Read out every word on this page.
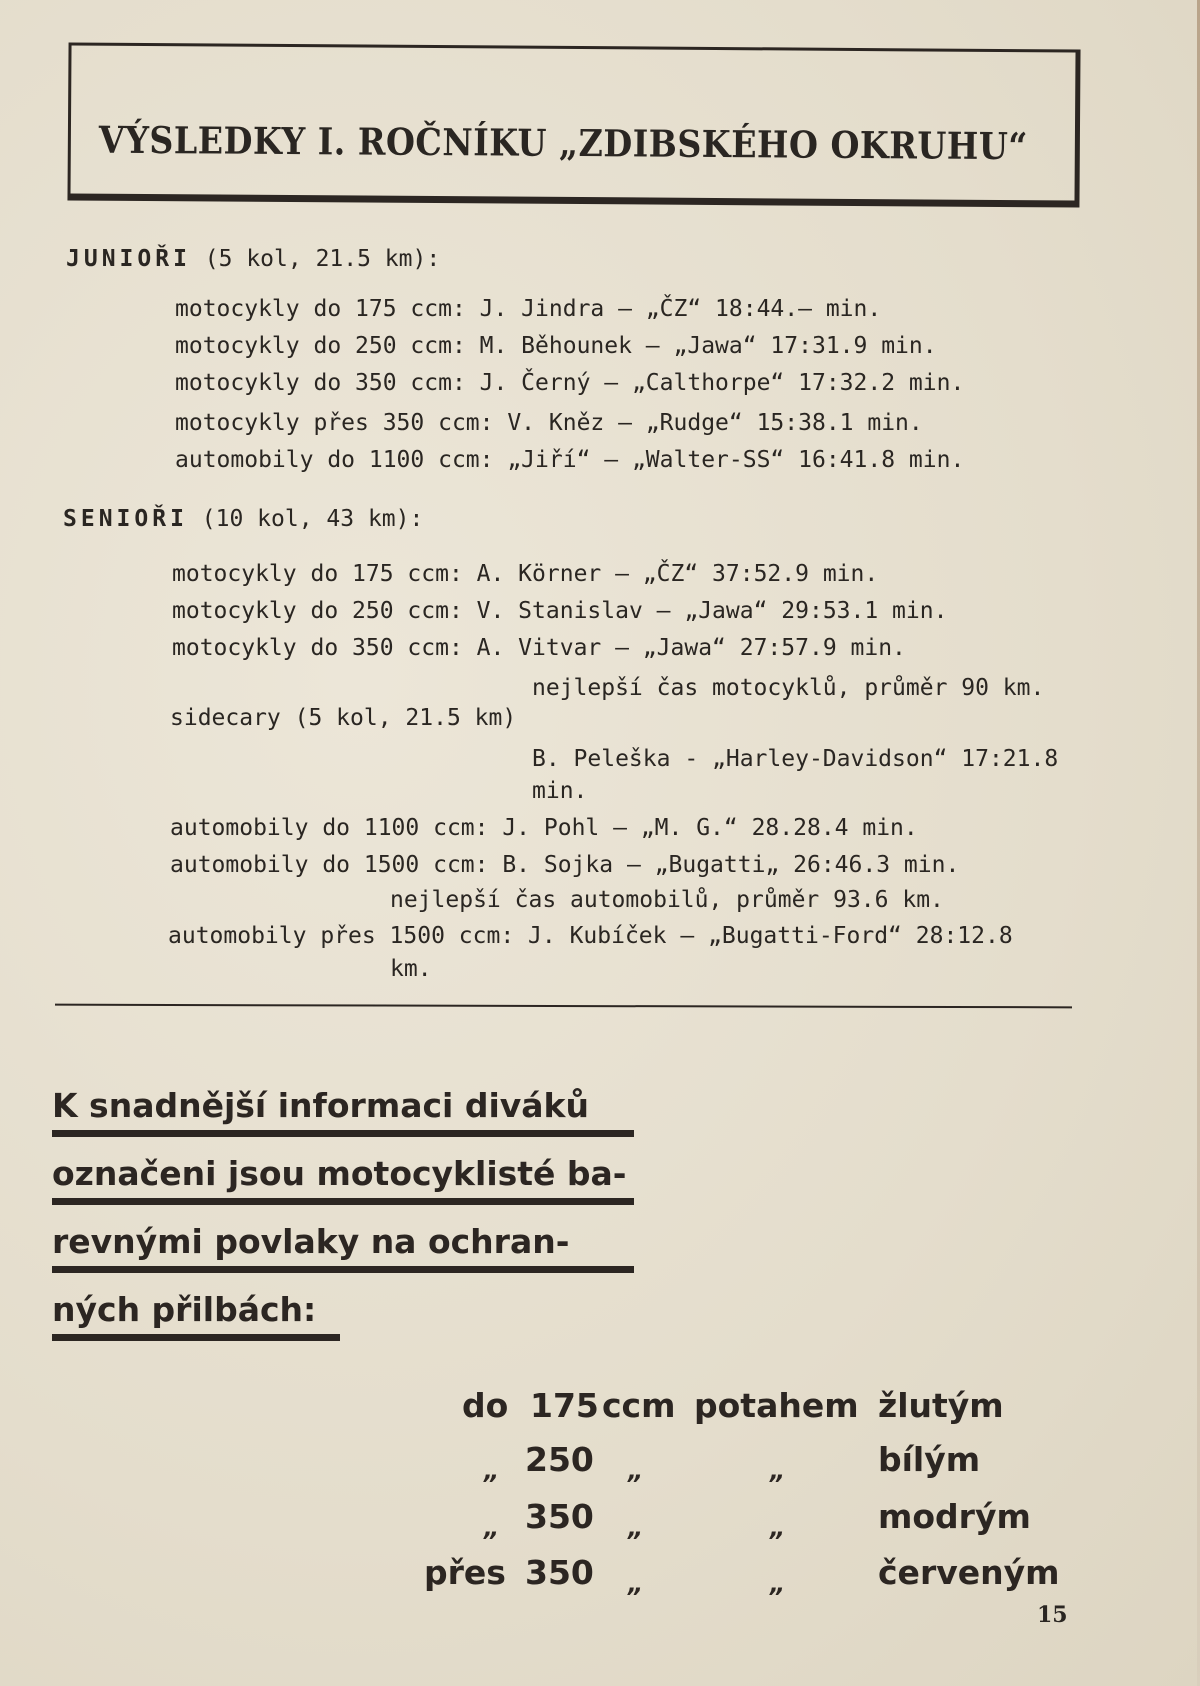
VÝSLEDKY I. ROČNÍKU „ZDIBSKÉHO OKRUHU“
JUNIOŘI (5 kol, 21.5 km):
motocykly do 175 ccm: J. Jindra — „ČZ“ 18:44.— min.
motocykly do 250 ccm: M. Běhounek — „Jawa“ 17:31.9 min.
motocykly do 350 ccm: J. Černý — „Calthorpe“ 17:32.2 min.
motocykly přes 350 ccm: V. Kněz — „Rudge“ 15:38.1 min.
automobily do 1100 ccm: „Jiří“ — „Walter-SS“ 16:41.8 min.
SENIOŘI (10 kol, 43 km):
motocykly do 175 ccm: A. Körner — „ČZ“ 37:52.9 min.
motocykly do 250 ccm: V. Stanislav — „Jawa“ 29:53.1 min.
motocykly do 350 ccm: A. Vitvar — „Jawa“ 27:57.9 min.
nejlepší čas motocyklů, průměr 90 km.
sidecary (5 kol, 21.5 km)
B. Peleška - „Harley-Davidson“ 17:21.8
min.
automobily do 1100 ccm: J. Pohl — „M. G.“ 28.28.4 min.
automobily do 1500 ccm: B. Sojka — „Bugatti„ 26:46.3 min.
nejlepší čas automobilů, průměr 93.6 km.
automobily přes 1500 ccm: J. Kubíček — „Bugatti-Ford“ 28:12.8
km.
K snadnější informaci diváků
označeni jsou motocyklisté ba-
revnými povlaky na ochran-
ných přilbách:
do 175 ccm potahem žlutým
„ 250 „	„	bílým
„ 350 „	„	modrým
přes 350 „	„	červeným
15
